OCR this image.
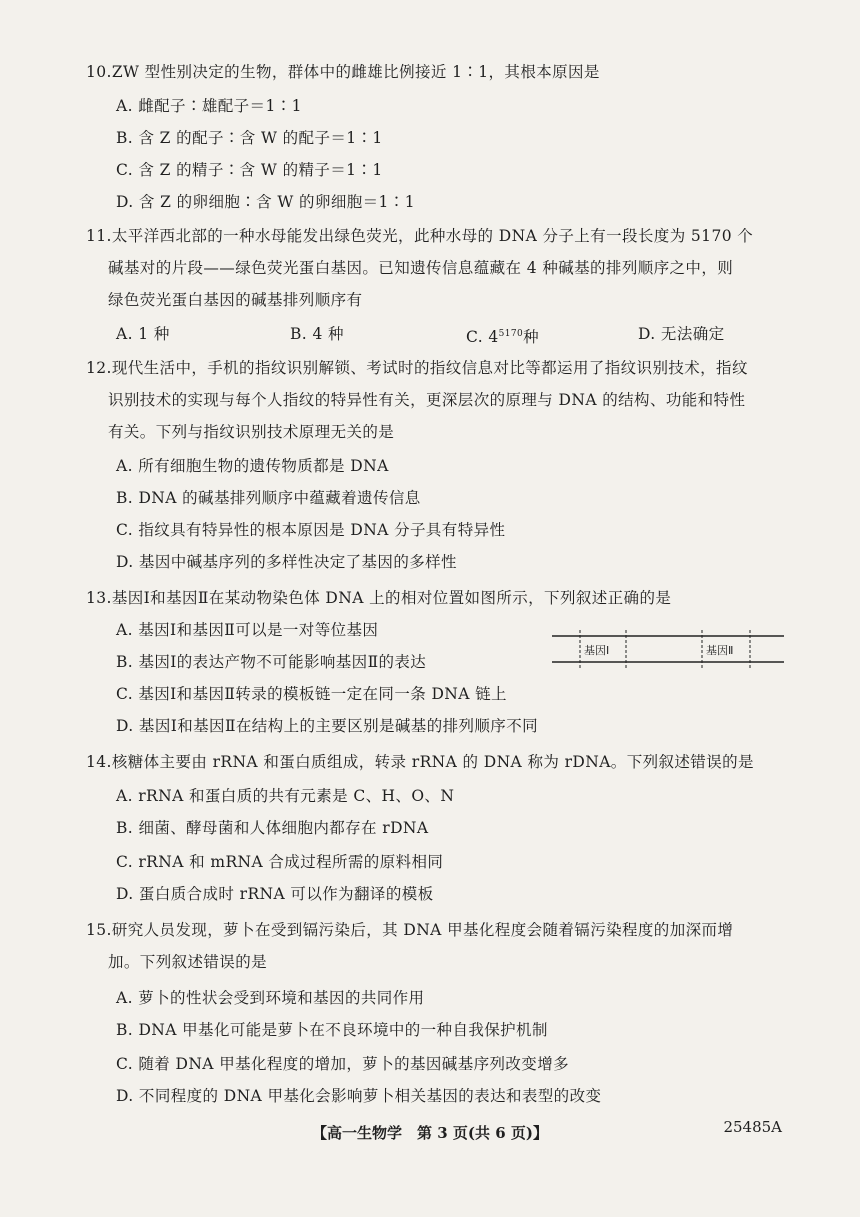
10.ZW 型性别决定的生物，群体中的雌雄比例接近 1∶1，其根本原因是
A. 雌配子∶雄配子＝1∶1
B. 含 Z 的配子∶含 W 的配子＝1∶1
C. 含 Z 的精子∶含 W 的精子＝1∶1
D. 含 Z 的卵细胞∶含 W 的卵细胞＝1∶1
11.太平洋西北部的一种水母能发出绿色荧光，此种水母的 DNA 分子上有一段长度为 5170 个
碱基对的片段——绿色荧光蛋白基因。已知遗传信息蕴藏在 4 种碱基的排列顺序之中，则
绿色荧光蛋白基因的碱基排列顺序有
A. 1 种	B. 4 种	C. $4^{5170}$种	D. 无法确定
12.现代生活中，手机的指纹识别解锁、考试时的指纹信息对比等都运用了指纹识别技术，指纹
识别技术的实现与每个人指纹的特异性有关，更深层次的原理与 DNA 的结构、功能和特性
有关。下列与指纹识别技术原理无关的是
A. 所有细胞生物的遗传物质都是 DNA
B. DNA 的碱基排列顺序中蕴藏着遗传信息
C. 指纹具有特异性的根本原因是 DNA 分子具有特异性
D. 基因中碱基序列的多样性决定了基因的多样性
13.基因Ⅰ和基因Ⅱ在某动物染色体 DNA 上的相对位置如图所示，下列叙述正确的是
A. 基因Ⅰ和基因Ⅱ可以是一对等位基因
B. 基因Ⅰ的表达产物不可能影响基因Ⅱ的表达
C. 基因Ⅰ和基因Ⅱ转录的模板链一定在同一条 DNA 链上
D. 基因Ⅰ和基因Ⅱ在结构上的主要区别是碱基的排列顺序不同
基因Ⅰ	基因Ⅱ
14.核糖体主要由 rRNA 和蛋白质组成，转录 rRNA 的 DNA 称为 rDNA。下列叙述错误的是
A. rRNA 和蛋白质的共有元素是 C、H、O、N
B. 细菌、酵母菌和人体细胞内都存在 rDNA
C. rRNA 和 mRNA 合成过程所需的原料相同
D. 蛋白质合成时 rRNA 可以作为翻译的模板
15.研究人员发现，萝卜在受到镉污染后，其 DNA 甲基化程度会随着镉污染程度的加深而增
加。下列叙述错误的是
A. 萝卜的性状会受到环境和基因的共同作用
B. DNA 甲基化可能是萝卜在不良环境中的一种自我保护机制
C. 随着 DNA 甲基化程度的增加，萝卜的基因碱基序列改变增多
D. 不同程度的 DNA 甲基化会影响萝卜相关基因的表达和表型的改变
【高一生物学　第 3 页(共 6 页)】	25485A
